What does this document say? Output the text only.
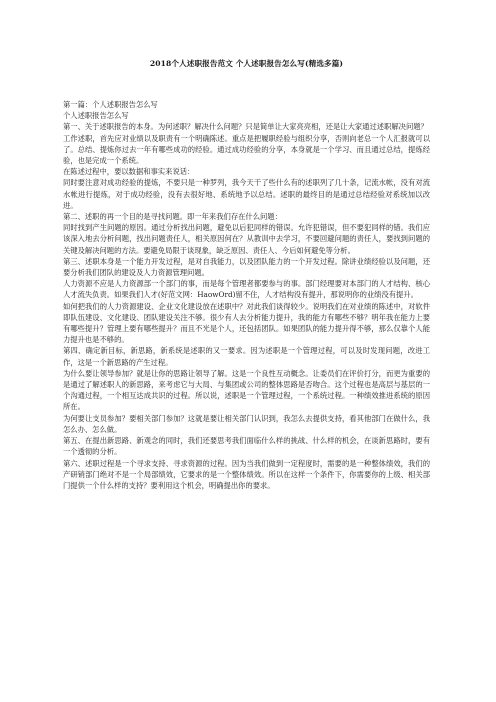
2018个人述职报告范文 个人述职报告怎么写(精选多篇)

第一篇：个人述职报告怎么写

个人述职报告怎么写

第一、关于述职报告的本身。为何述职？解决什么问题？只是简单让大家亮亮相，还是让大家通过述职解决问题？

工作述职，首先应对业绩以及职责有一个明确陈述。重点是把履职经验与组织分享，否则向老总一个人汇报就可以了。总结、提炼你过去一年有哪些成功的经验。通过成功经验的分享，本身就是一个学习、而且通过总结，提炼经验，也是完成一个系统。

在陈述过程中，要以数据和事实来说话：

同时要注意对成功经验的提炼，不要只是一种罗列，我今天干了些什么有的述职列了几十条，记流水帐，没有对流水帐进行提炼，对于成功经验，没有去很好地、系统地予以总结。述职的最终目的是通过总结经验对系统加以改进。

第二、述职的再一个目的是寻找问题。即一年来我们存在什么问题：

同时找到产生问题的原因。通过分析找出问题，避免以后犯同样的错误。允许犯错误，但不要犯同样的错。我们应该深入地去分析问题，找出问题责任人，相关原因何在？从教训中去学习，不要回避问题的责任人，要找到问题的关键及解决问题的方法。要避免局限于谈现象，缺乏原因、责任人、今后如何避免等分析。

第三、述职本身是一个能力开发过程，是对自我能力，以及团队能力的一个开发过程。除讲业绩经验以及问题，还要分析我们团队的建设及人力资源管理问题。

人力资源不应是人力资源部一个部门的事，而是每个管理者都要参与的事。部门经理要对本部门的人才结构、核心人才流失负责。如果我们人才(好范文网：HaowOrd)留不住，人才结构没有提升，那说明你的业绩没有提升。

如何把我们的人力资源建设、企业文化建设放在述职中？对此我们谈得较少。说明我们在对业绩的陈述中，对软件即队伍建设、文化建设、团队建设关注不够。很少有人去分析能力提升，我的能力有哪些不够？明年我在能力上要有哪些提升？管理上要有哪些提升？而且不光是个人，还包括团队。如果团队的能力提升得不够，那么仅靠个人能力提升也是不够的。

第四、确定新目标，新思路，新系统是述职的又一要求。因为述职是一个管理过程，可以及时发现问题，改进工作，这是一个新思路的产生过程。

为什么要让领导参加？就是让你的思路让领导了解。这是一个良性互动概念。让委员们在评价打分，而更为重要的是通过了解述职人的新思路，来考虑它与大局、与集团或公司的整体思路是否吻合。这个过程也是高层与基层的一个沟通过程，一个相互达成共识的过程。所以说，述职是一个管理过程，一个系统过程。一种绩效推进系统的原因所在。

为何要让支员参加？要相关部门参加？这就是要让相关部门认识到，我怎么去提供支持，看其他部门在做什么，我怎么办、怎么做。

第五、在提出新思路、新观念的同时，我们还要思考我们面临什么样的挑战、什么样的机会，在谈新思路时，要有一个透彻的分析。

第六、述职过程是一个寻求支持、寻求资源的过程。因为当我们做到一定程度时，需要的是一种整体绩效，我们的产研销部门绝对不是一个局部绩效，它要求的是一个整体绩效。所以在这样一个条件下，你需要你的上级、相关部门提供一个什么样的支持？要利用这个机会，明确提出你的要求。
